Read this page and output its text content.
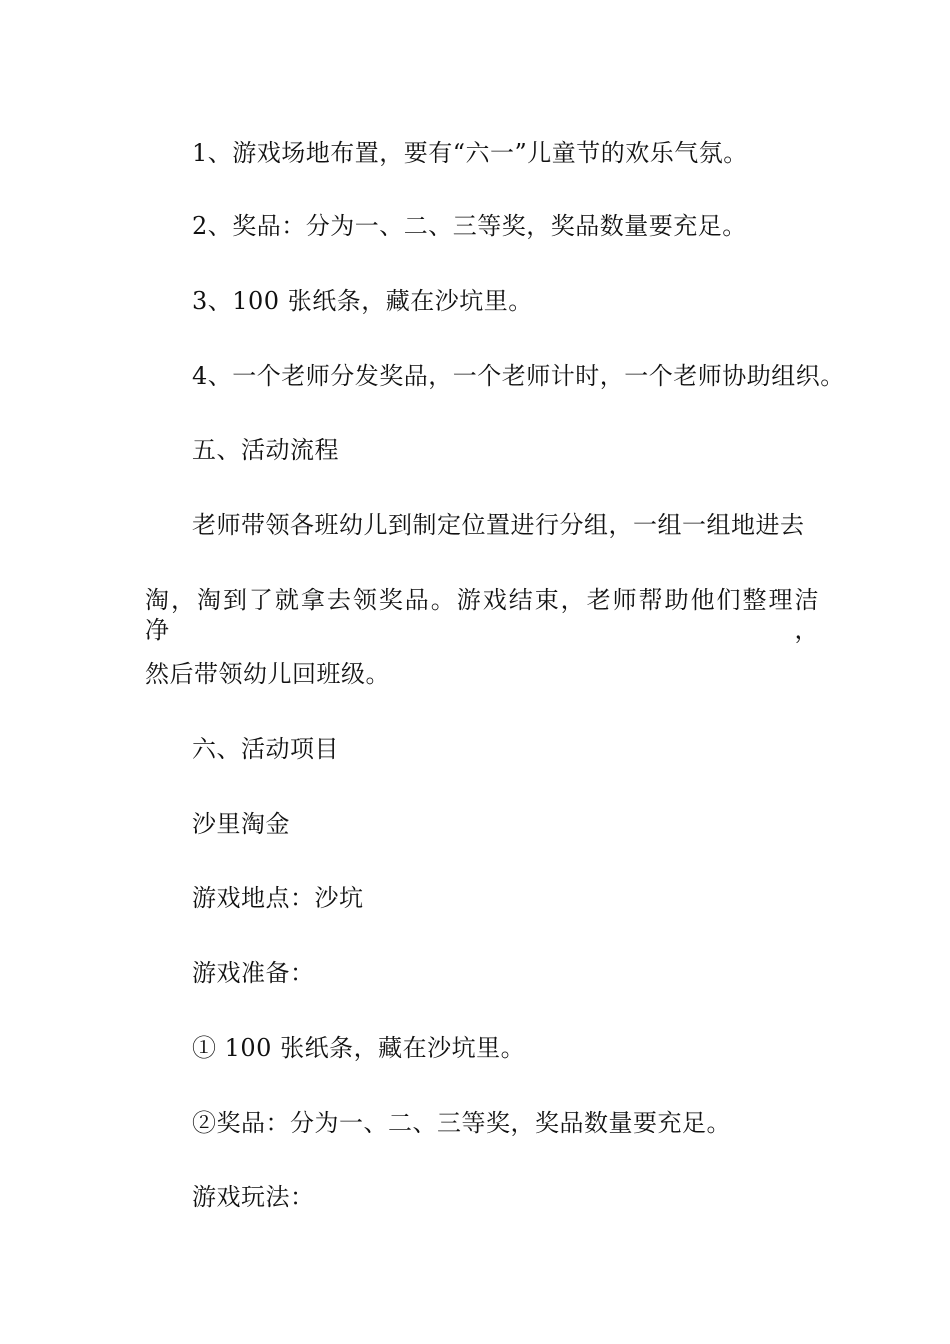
1、游戏场地布置，要有“六一”儿童节的欢乐气氛。
2、奖品：分为一、二、三等奖，奖品数量要充足。
3、100 张纸条，藏在沙坑里。
4、一个老师分发奖品，一个老师计时，一个老师协助组织。
五、活动流程
老师带领各班幼儿到制定位置进行分组，一组一组地进去
淘，淘到了就拿去领奖品。游戏结束，老师帮助他们整理洁净，
然后带领幼儿回班级。
六、活动项目
沙里淘金
游戏地点：沙坑
游戏准备：
① 100 张纸条，藏在沙坑里。
②奖品：分为一、二、三等奖，奖品数量要充足。
游戏玩法：
